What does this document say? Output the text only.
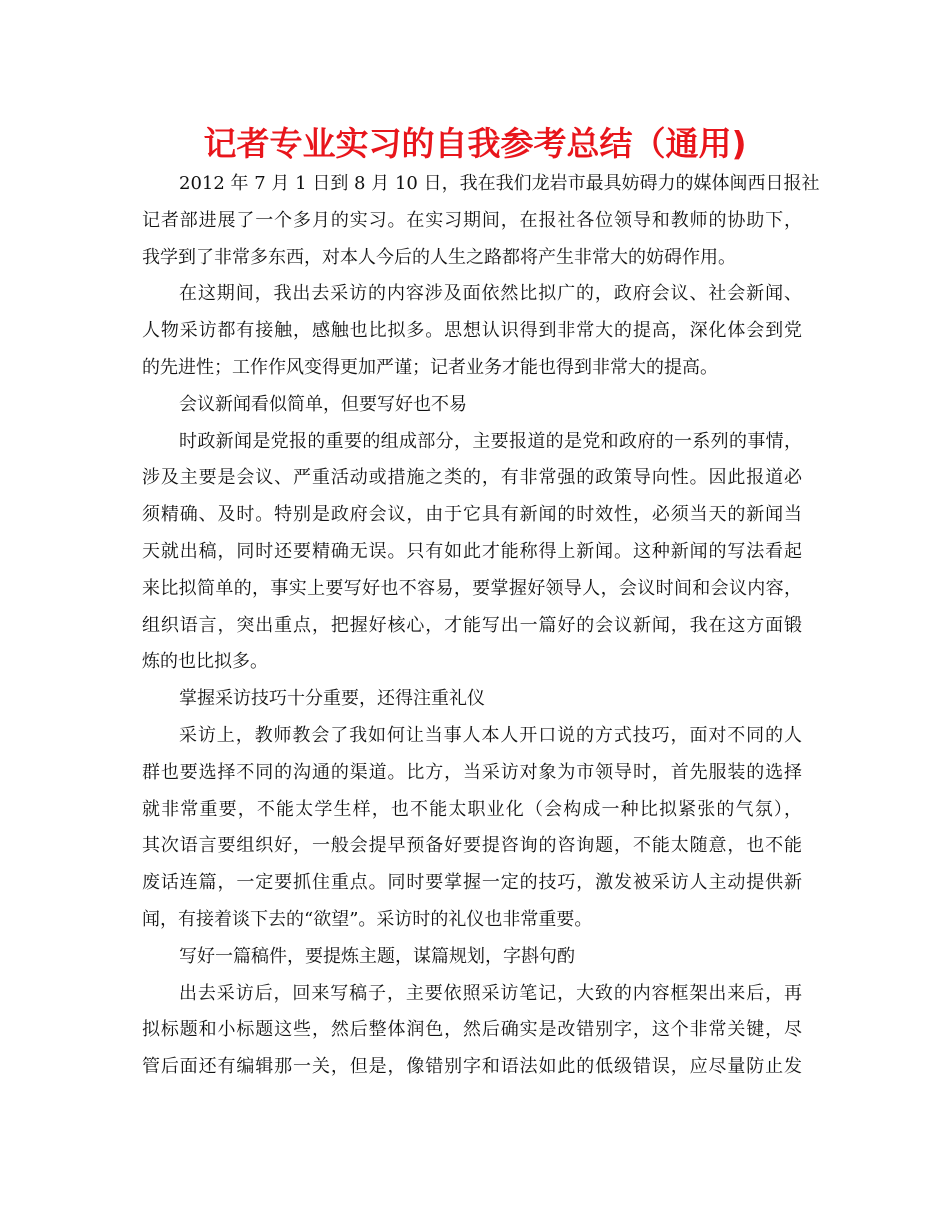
记者专业实习的自我参考总结（通用)
2012 年 7 月 1 日到 8 月 10 日，我在我们龙岩市最具妨碍力的媒体闽西日报社
记者部进展了一个多月的实习。在实习期间，在报社各位领导和教师的协助下，
我学到了非常多东西，对本人今后的人生之路都将产生非常大的妨碍作用。
在这期间，我出去采访的内容涉及面依然比拟广的，政府会议、社会新闻、
人物采访都有接触，感触也比拟多。思想认识得到非常大的提高，深化体会到党
的先进性；工作作风变得更加严谨；记者业务才能也得到非常大的提高。
会议新闻看似简单，但要写好也不易
时政新闻是党报的重要的组成部分，主要报道的是党和政府的一系列的事情，
涉及主要是会议、严重活动或措施之类的，有非常强的政策导向性。因此报道必
须精确、及时。特别是政府会议，由于它具有新闻的时效性，必须当天的新闻当
天就出稿，同时还要精确无误。只有如此才能称得上新闻。这种新闻的写法看起
来比拟简单的，事实上要写好也不容易，要掌握好领导人，会议时间和会议内容，
组织语言，突出重点，把握好核心，才能写出一篇好的会议新闻，我在这方面锻
炼的也比拟多。
掌握采访技巧十分重要，还得注重礼仪
采访上，教师教会了我如何让当事人本人开口说的方式技巧，面对不同的人
群也要选择不同的沟通的渠道。比方，当采访对象为市领导时，首先服装的选择
就非常重要，不能太学生样，也不能太职业化（会构成一种比拟紧张的气氛），
其次语言要组织好，一般会提早预备好要提咨询的咨询题，不能太随意，也不能
废话连篇，一定要抓住重点。同时要掌握一定的技巧，激发被采访人主动提供新
闻，有接着谈下去的“欲望”。采访时的礼仪也非常重要。
写好一篇稿件，要提炼主题，谋篇规划，字斟句酌
出去采访后，回来写稿子，主要依照采访笔记，大致的内容框架出来后，再
拟标题和小标题这些，然后整体润色，然后确实是改错别字，这个非常关键，尽
管后面还有编辑那一关，但是，像错别字和语法如此的低级错误，应尽量防止发
